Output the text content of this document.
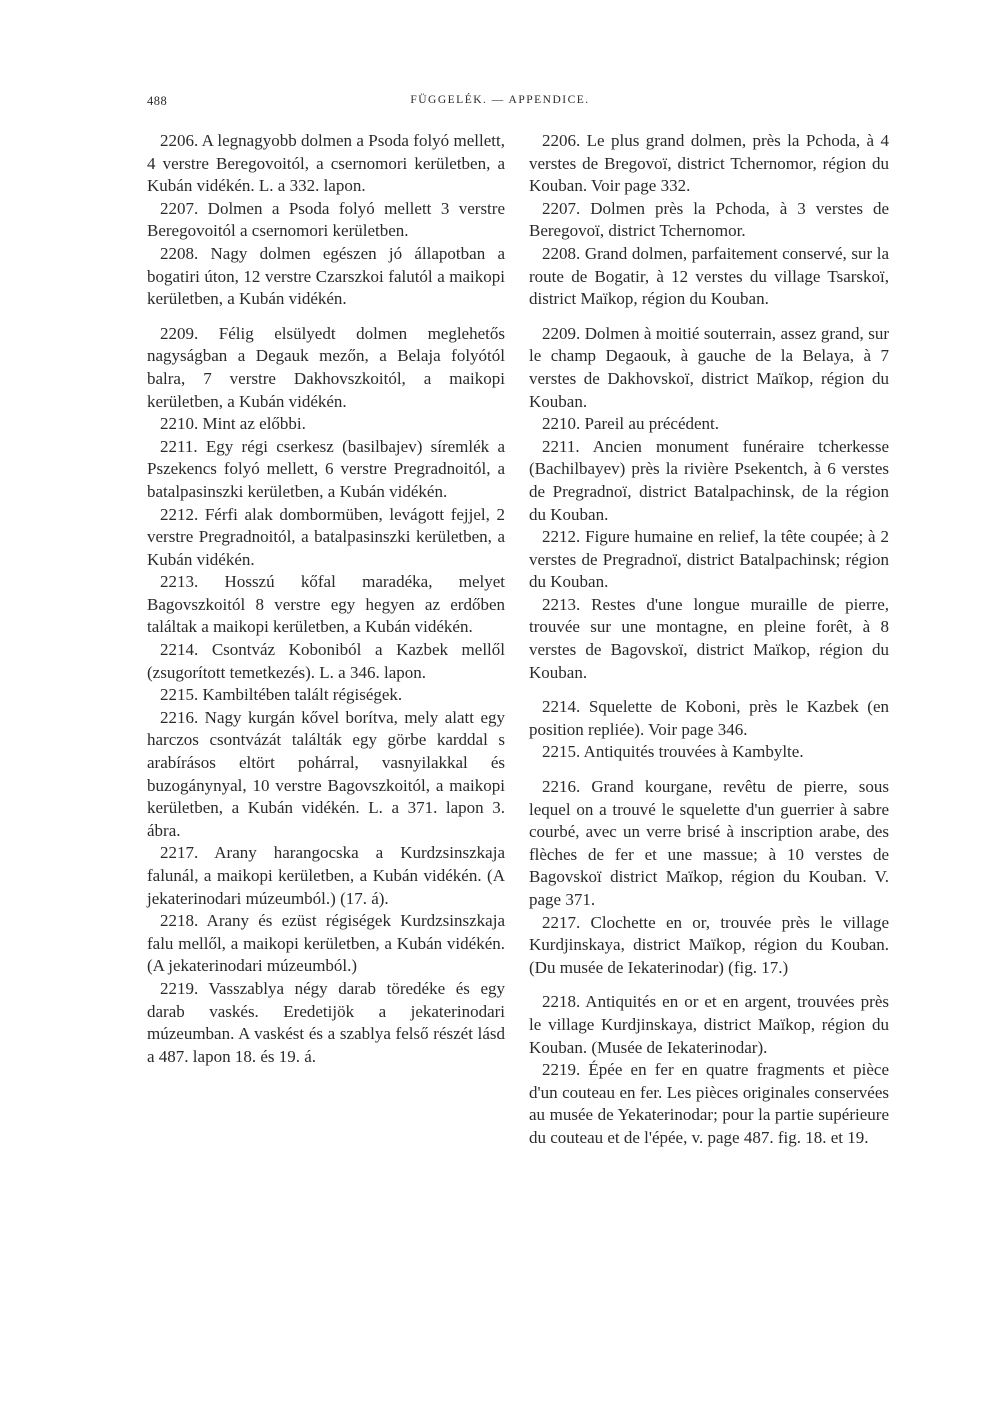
488	FÜGGELÉK. — APPENDICE.

2206. A legnagyobb dolmen a Psoda folyó mellett, 4 verstre Beregovoitól, a csernomori kerületben, a Kubán vidékén. L. a 332. lapon.

2207. Dolmen a Psoda folyó mellett 3 verstre Beregovoitól a csernomori kerületben.

2208. Nagy dolmen egészen jó állapotban a bogatiri úton, 12 verstre Czarszkoi falutól a maikopi kerületben, a Kubán vidékén.

2209. Félig elsülyedt dolmen meglehetős nagyságban a Degauk mezőn, a Belaja folyótól balra, 7 verstre Dakhovszkoitól, a maikopi kerületben, a Kubán vidékén.

2210. Mint az előbbi.

2211. Egy régi cserkesz (basilbajev) síremlék a Pszekencs folyó mellett, 6 verstre Pregradnoitól, a batalpasinszki kerületben, a Kubán vidékén.

2212. Férfi alak dombormüben, levágott fejjel, 2 verstre Pregradnoitól, a batalpasinszki kerületben, a Kubán vidékén.

2213. Hosszú kőfal maradéka, melyet Bagovszkoitól 8 verstre egy hegyen az erdőben találtak a maikopi kerületben, a Kubán vidékén.

2214. Csontváz Koboniból a Kazbek mellől (zsugorított temetkezés). L. a 346. lapon.

2215. Kambiltében talált régiségek.

2216. Nagy kurgán kővel borítva, mely alatt egy harczos csontvázát találták egy görbe karddal s arabírásos eltört pohárral, vasnyilakkal és buzogánynyal, 10 verstre Bagovszkoitól, a maikopi kerületben, a Kubán vidékén. L. a 371. lapon 3. ábra.

2217. Arany harangocska a Kurdzsinszkaja falunál, a maikopi kerületben, a Kubán vidékén. (A jekaterinodari múzeumból.) (17. á).

2218. Arany és ezüst régiségek Kurdzsinszkaja falu mellől, a maikopi kerületben, a Kubán vidékén. (A jekaterinodari múzeumból.)

2219. Vasszablya négy darab töredéke és egy darab vaskés. Eredetijök a jekaterinodari múzeumban. A vaskést és a szablya felső részét lásd a 487. lapon 18. és 19. á.

2206. Le plus grand dolmen, près la Pchoda, à 4 verstes de Bregovoï, district Tchernomor, région du Kouban. Voir page 332.

2207. Dolmen près la Pchoda, à 3 verstes de Beregovoï, district Tchernomor.

2208. Grand dolmen, parfaitement conservé, sur la route de Bogatir, à 12 verstes du village Tsarskoï, district Maïkop, région du Kouban.

2209. Dolmen à moitié souterrain, assez grand, sur le champ Degaouk, à gauche de la Belaya, à 7 verstes de Dakhovskoï, district Maïkop, région du Kouban.

2210. Pareil au précédent.

2211. Ancien monument funéraire tcherkesse (Bachilbayev) près la rivière Psekentch, à 6 verstes de Pregradnoï, district Batalpachinsk, de la région du Kouban.

2212. Figure humaine en relief, la tête coupée; à 2 verstes de Pregradnoï, district Batalpachinsk; région du Kouban.

2213. Restes d'une longue muraille de pierre, trouvée sur une montagne, en pleine forêt, à 8 verstes de Bagovskoï, district Maïkop, région du Kouban.

2214. Squelette de Koboni, près le Kazbek (en position repliée). Voir page 346.

2215. Antiquités trouvées à Kambylte.

2216. Grand kourgane, revêtu de pierre, sous lequel on a trouvé le squelette d'un guerrier à sabre courbé, avec un verre brisé à inscription arabe, des flèches de fer et une massue; à 10 verstes de Bagovskoï district Maïkop, région du Kouban. V. page 371.

2217. Clochette en or, trouvée près le village Kurdjinskaya, district Maïkop, région du Kouban. (Du musée de Iekaterinodar) (fig. 17.)

2218. Antiquités en or et en argent, trouvées près le village Kurdjinskaya, district Maïkop, région du Kouban. (Musée de Iekaterinodar).

2219. Épée en fer en quatre fragments et pièce d'un couteau en fer. Les pièces originales conservées au musée de Yekaterinodar; pour la partie supérieure du couteau et de l'épée, v. page 487. fig. 18. et 19.
